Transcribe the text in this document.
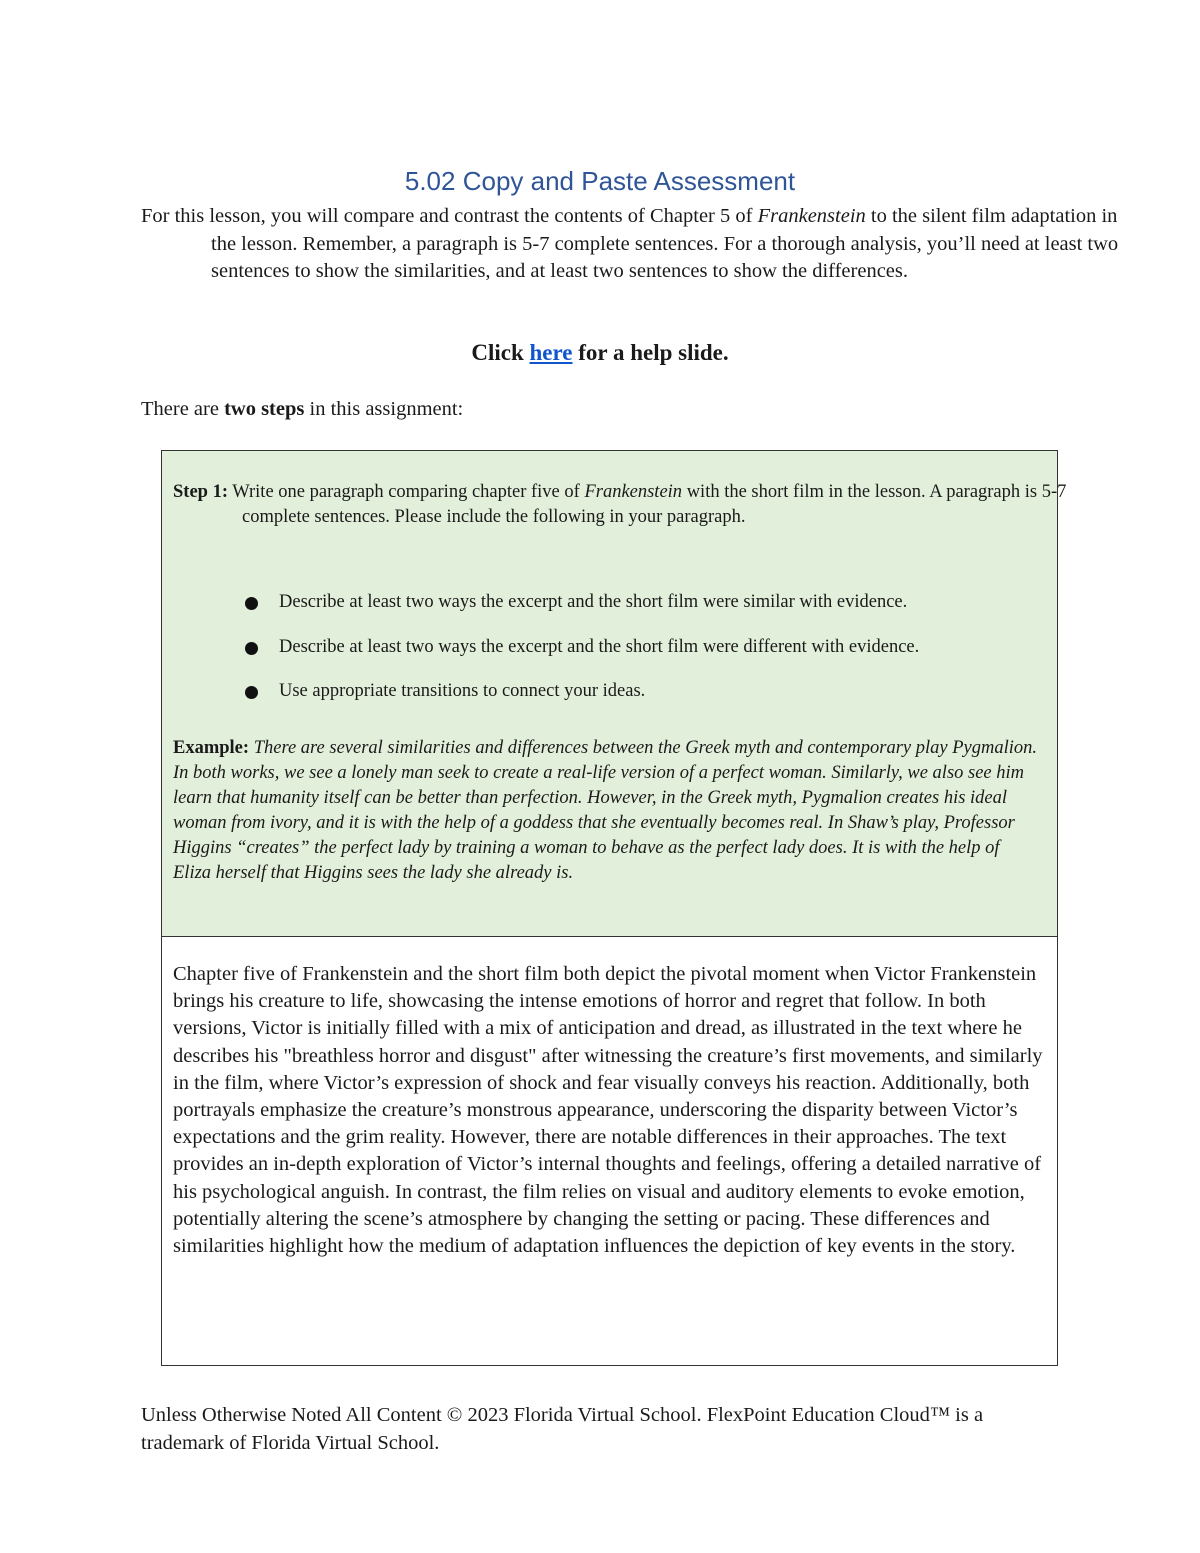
5.02 Copy and Paste Assessment

For this lesson, you will compare and contrast the contents of Chapter 5 of Frankenstein to the silent film adaptation in the lesson. Remember, a paragraph is 5-7 complete sentences. For a thorough analysis, you’ll need at least two sentences to show the similarities, and at least two sentences to show the differences.

Click here for a help slide.

There are two steps in this assignment:

Step 1: Write one paragraph comparing chapter five of Frankenstein with the short film in the lesson. A paragraph is 5-7 complete sentences. Please include the following in your paragraph.

Describe at least two ways the excerpt and the short film were similar with evidence.
Describe at least two ways the excerpt and the short film were different with evidence.
Use appropriate transitions to connect your ideas.

Example: There are several similarities and differences between the Greek myth and contemporary play Pygmalion. In both works, we see a lonely man seek to create a real-life version of a perfect woman. Similarly, we also see him learn that humanity itself can be better than perfection. However, in the Greek myth, Pygmalion creates his ideal woman from ivory, and it is with the help of a goddess that she eventually becomes real. In Shaw’s play, Professor Higgins “creates” the perfect lady by training a woman to behave as the perfect lady does. It is with the help of Eliza herself that Higgins sees the lady she already is.

Chapter five of Frankenstein and the short film both depict the pivotal moment when Victor Frankenstein brings his creature to life, showcasing the intense emotions of horror and regret that follow. In both versions, Victor is initially filled with a mix of anticipation and dread, as illustrated in the text where he describes his "breathless horror and disgust" after witnessing the creature’s first movements, and similarly in the film, where Victor’s expression of shock and fear visually conveys his reaction. Additionally, both portrayals emphasize the creature’s monstrous appearance, underscoring the disparity between Victor’s expectations and the grim reality. However, there are notable differences in their approaches. The text provides an in-depth exploration of Victor’s internal thoughts and feelings, offering a detailed narrative of his psychological anguish. In contrast, the film relies on visual and auditory elements to evoke emotion, potentially altering the scene’s atmosphere by changing the setting or pacing. These differences and similarities highlight how the medium of adaptation influences the depiction of key events in the story.

Unless Otherwise Noted All Content © 2023 Florida Virtual School. FlexPoint Education Cloud™ is a trademark of Florida Virtual School.
